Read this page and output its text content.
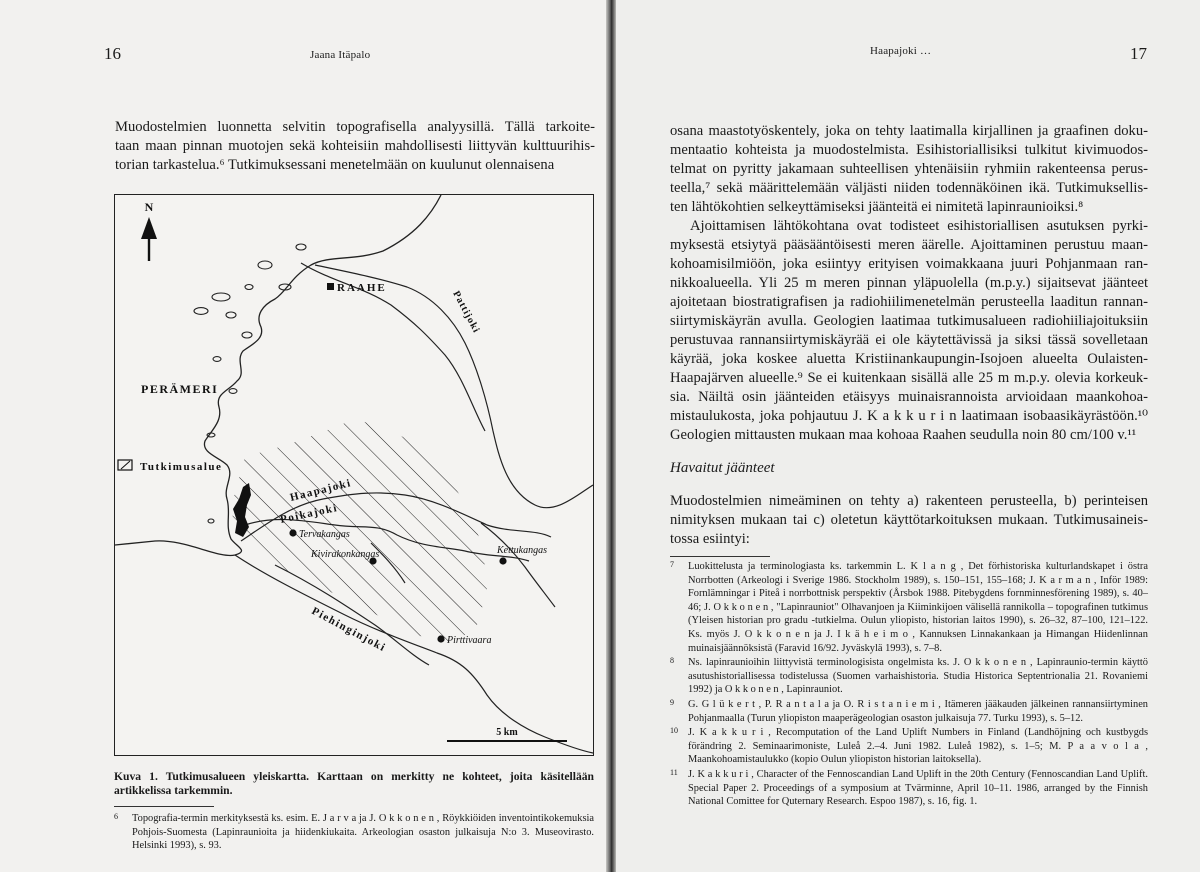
16	Jaana Itäpalo
Muodostelmien luonnetta selvitin topografisella analyysillä. Tällä tarkoite-
taan maan pinnan muotojen sekä kohteisiin mahdollisesti liittyvän kulttuurihis-
torian tarkastelua.⁶ Tutkimuksessani menetelmään on kuulunut olennaisena
N
RAAHE
PERÄMERI
Tutkimusalue
Pattijoki
Haapajoki
Poikajoki
Piehinginjoki
Tervakangas
Kivirakonkangas	Kettukangas
Pirttivaara
5 km
Kuva 1. Tutkimusalueen yleiskartta. Karttaan on merkitty ne kohteet, joita käsitellään
artikkelissa tarkemmin.

6 Topografia-termin merkityksestä ks. esim. E. J a r v a ja J. O k k o n e n , Röykkiöiden inventointikokemuksia Pohjois-Suomesta (Lapinraunioita ja hiidenkiukaita. Arkeologian osaston julkaisuja N:o 3. Museovirasto. Helsinki 1993), s. 93.

Haapajoki …	17
osana maastotyöskentely, joka on tehty laatimalla kirjallinen ja graafinen doku-
mentaatio kohteista ja muodostelmista. Esihistoriallisiksi tulkitut kivimuodos-
telmat on pyritty jakamaan suhteellisen yhtenäisiin ryhmiin rakenteensa perus-
teella,⁷ sekä määrittelemään väljästi niiden todennäköinen ikä. Tutkimuksellis-
ten lähtökohtien selkeyttämiseksi jäänteitä ei nimitetä lapinraunioiksi.⁸
Ajoittamisen lähtökohtana ovat todisteet esihistoriallisen asutuksen pyrki-
myksestä etsiytyä pääsääntöisesti meren äärelle. Ajoittaminen perustuu maan-
kohoamisilmiöön, joka esiintyy erityisen voimakkaana juuri Pohjanmaan ran-
nikkoalueella. Yli 25 m meren pinnan yläpuolella (m.p.y.) sijaitsevat jäänteet
ajoitetaan biostratigrafisen ja radiohiilimenetelmän perusteella laaditun rannan-
siirtymiskäyrän avulla. Geologien laatimaa tutkimusalueen radiohiiliajoituksiin
perustuvaa rannansiirtymiskäyrää ei ole käytettävissä ja siksi tässä sovelletaan
käyrää, joka koskee aluetta Kristiinankaupungin-Isojoen alueelta Oulaisten-
Haapajärven alueelle.⁹ Se ei kuitenkaan sisällä alle 25 m m.p.y. olevia korkeuk-
sia. Näiltä osin jäänteiden etäisyys muinaisrannoista arvioidaan maankohoa-
mistaulukosta, joka pohjautuu J. K a k k u r i n laatimaan isobaasikäyrästöön.¹⁰
Geologien mittausten mukaan maa kohoaa Raahen seudulla noin 80 cm/100 v.¹¹
Havaitut jäänteet
Muodostelmien nimeäminen on tehty a) rakenteen perusteella, b) perinteisen
nimityksen mukaan tai c) oletetun käyttötarkoituksen mukaan. Tutkimusaineis-
tossa esiintyi:

7 Luokittelusta ja terminologiasta ks. tarkemmin L. K l a n g , Det förhistoriska kulturlandskapet i östra Norrbotten (Arkeologi i Sverige 1986. Stockholm 1989), s. 150–151, 155–168; J. K a r m a n , Inför 1989: Fornlämningar i Piteå i norrbottnisk perspektiv (Årsbok 1988. Pitebygdens fornminnesförening 1989), s. 40–46; J. O k k o n e n , "Lapinrauniot" Olhavanjoen ja Kiiminkijoen välisellä rannikolla – topografinen tutkimus (Yleisen historian pro gradu -tutkielma. Oulun yliopisto, historian laitos 1990), s. 26–32, 87–100, 121–122. Ks. myös J. O k k o n e n ja J. I k ä h e i m o , Kannuksen Linnakankaan ja Himangan Hiidenlinnan muinaisjäännöksistä (Faravid 16/92. Jyväskylä 1993), s. 7–8.

8 Ns. lapinraunioihin liittyvistä terminologisista ongelmista ks. J. O k k o n e n , Lapinraunio-termin käyttö asutushistoriallisessa todistelussa (Suomen varhaishistoria. Studia Historica Septentrionalia 21. Rovaniemi 1992) ja O k k o n e n , Lapinrauniot.

9 G. G l ü k e r t , P. R a n t a l a ja O. R i s t a n i e m i , Itämeren jääkauden jälkeinen rannansiirtyminen Pohjanmaalla (Turun yliopiston maaperägeologian osaston julkaisuja 77. Turku 1993), s. 5–12.

10 J. K a k k u r i , Recomputation of the Land Uplift Numbers in Finland (Landhöjning och kustbygds förändring 2. Seminaarimoniste, Luleå 2.–4. Juni 1982. Luleå 1982), s. 1–5; M. P a a v o l a , Maankohoamistaulukko (kopio Oulun yliopiston historian laitoksella).

11 J. K a k k u r i , Character of the Fennoscandian Land Uplift in the 20th Century (Fennoscandian Land Uplift. Special Paper 2. Proceedings of a symposium at Tvärminne, April 10–11. 1986, arranged by the Finnish National Comittee for Quternary Research. Espoo 1987), s. 16, fig. 1.
